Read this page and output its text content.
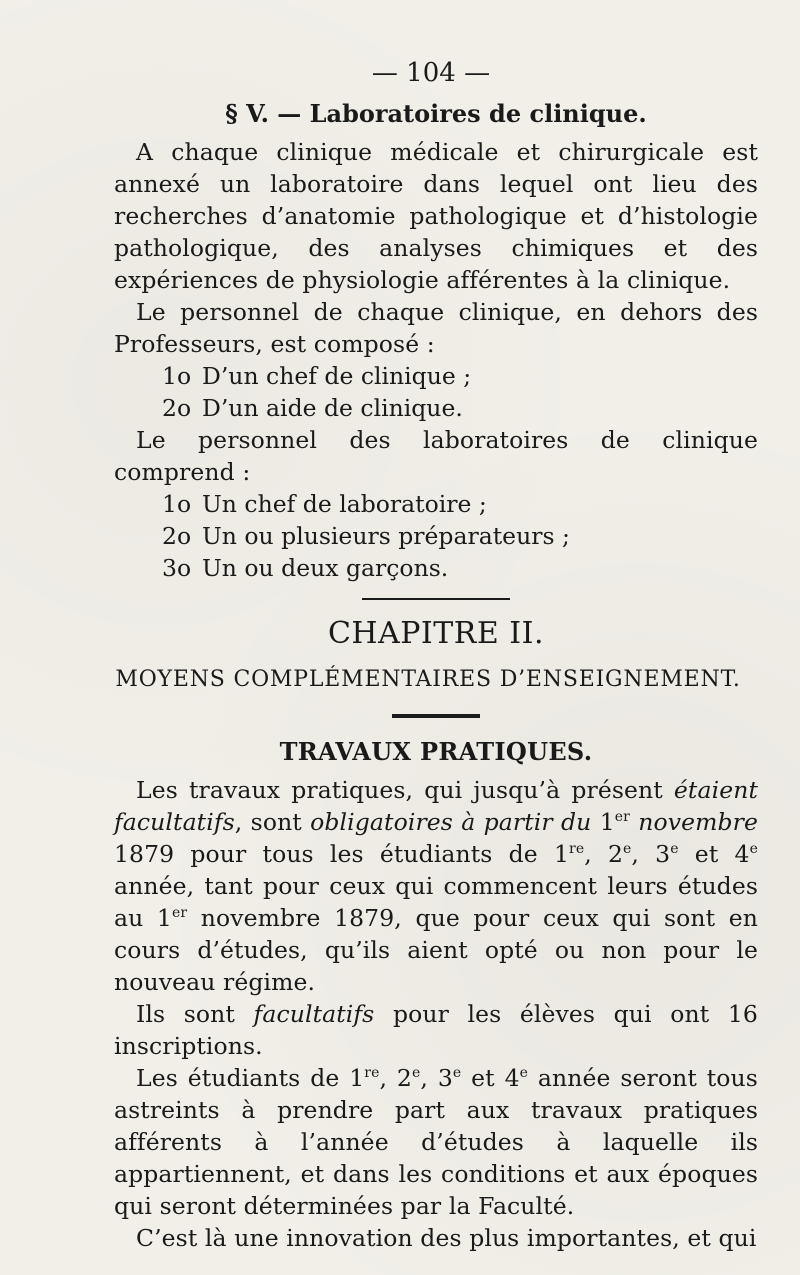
— 104 —
§ V. — Laboratoires de clinique.

A chaque clinique médicale et chirurgicale est annexé un laboratoire dans lequel ont lieu des recherches d’anatomie pathologique et d’histologie pathologique, des analyses chimiques et des expériences de physiologie afférentes à la clinique.

Le personnel de chaque clinique, en dehors des Professeurs, est composé :

1o D’un chef de clinique ;

2o D’un aide de clinique.

Le personnel des laboratoires de clinique comprend :

1o Un chef de laboratoire ;

2o Un ou plusieurs préparateurs ;

3o Un ou deux garçons.

CHAPITRE II.
MOYENS COMPLÉMENTAIRES D’ENSEIGNEMENT.
TRAVAUX PRATIQUES.

Les travaux pratiques, qui jusqu’à présent étaient facultatifs, sont obligatoires à partir du 1er novembre 1879 pour tous les étudiants de 1re, 2e, 3e et 4e année, tant pour ceux qui commencent leurs études au 1er novembre 1879, que pour ceux qui sont en cours d’études, qu’ils aient opté ou non pour le nouveau régime.

Ils sont facultatifs pour les élèves qui ont 16 inscriptions.

Les étudiants de 1re, 2e, 3e et 4e année seront tous astreints à prendre part aux travaux pratiques afférents à l’année d’études à laquelle ils appartiennent, et dans les conditions et aux époques qui seront déterminées par la Faculté.

C’est là une innovation des plus importantes, et qui
